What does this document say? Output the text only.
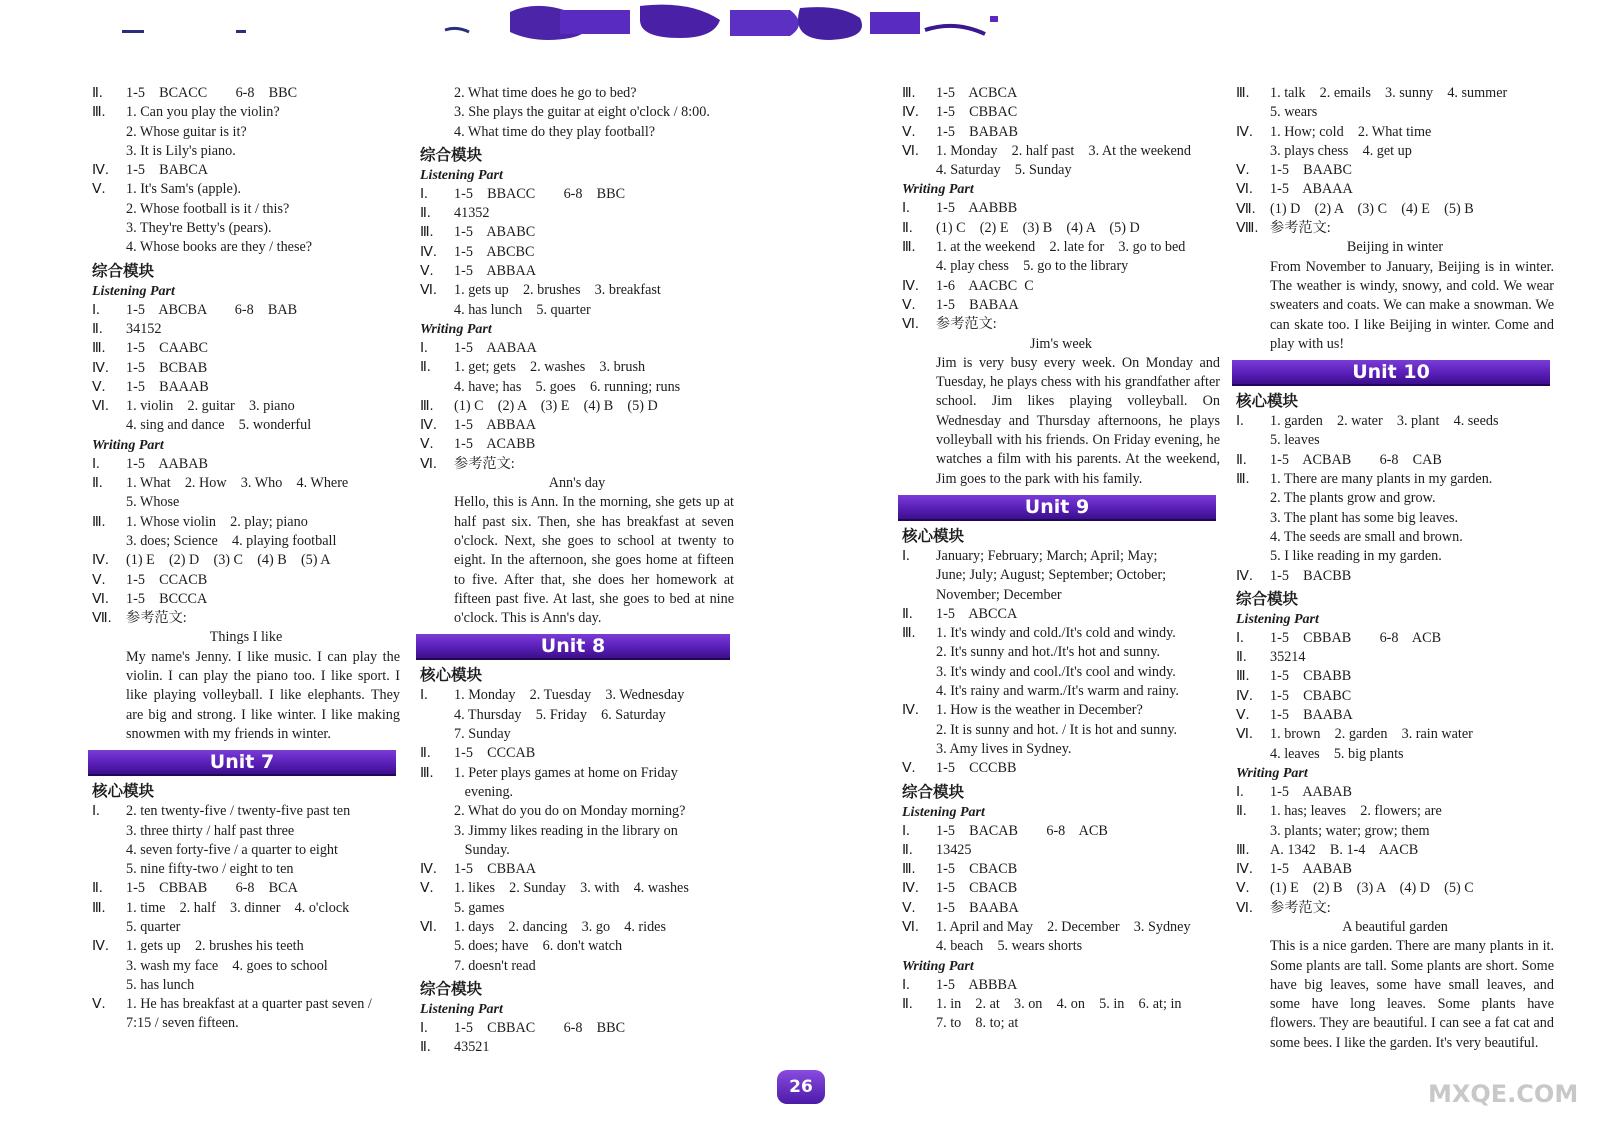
Ⅱ. 1-5    BCACC        6-8    BBC
Ⅲ. 1. Can you play the violin?
2. Whose guitar is it?
3. It is Lily's piano.
Ⅳ. 1-5    BABCA
Ⅴ. 1. It's Sam's (apple).
2. Whose football is it / this?
3. They're Betty's (pears).
4. Whose books are they / these?
综合模块
Listening Part
Ⅰ. 1-5    ABCBA        6-8    BAB
Ⅱ. 34152
Ⅲ. 1-5    CAABC
Ⅳ. 1-5    BCBAB
Ⅴ. 1-5    BAAAB
Ⅵ. 1. violin    2. guitar    3. piano
4. sing and dance    5. wonderful
Writing Part
Ⅰ. 1-5    AABAB
Ⅱ. 1. What    2. How    3. Who    4. Where
5. Whose
Ⅲ. 1. Whose violin    2. play; piano
3. does; Science    4. playing football
Ⅳ. (1) E    (2) D    (3) C    (4) B    (5) A
Ⅴ. 1-5    CCACB
Ⅵ. 1-5    BCCCA
Ⅶ. 参考范文:
Things I like

My name's Jenny. I like music. I can play the violin. I can play the piano too. I like sport. I like playing volleyball. I like elephants. They are big and strong. I like winter. I like making snowmen with my friends in winter.

Unit 7
核心模块
Ⅰ. 2. ten twenty-five / twenty-five past ten
3. three thirty / half past three
4. seven forty-five / a quarter to eight
5. nine fifty-two / eight to ten
Ⅱ. 1-5    CBBAB        6-8    BCA
Ⅲ. 1. time    2. half    3. dinner    4. o'clock
5. quarter
Ⅳ. 1. gets up    2. brushes his teeth
3. wash my face    4. goes to school
5. has lunch
Ⅴ. 1. He has breakfast at a quarter past seven /
7:15 / seven fifteen.
2. What time does he go to bed?
3. She plays the guitar at eight o'clock / 8:00.
4. What time do they play football?
综合模块
Listening Part
Ⅰ. 1-5    BBACC        6-8    BBC
Ⅱ. 41352
Ⅲ. 1-5    ABABC
Ⅳ. 1-5    ABCBC
Ⅴ. 1-5    ABBAA
Ⅵ. 1. gets up    2. brushes    3. breakfast
4. has lunch    5. quarter
Writing Part
Ⅰ. 1-5    AABAA
Ⅱ. 1. get; gets    2. washes    3. brush
4. have; has    5. goes    6. running; runs
Ⅲ. (1) C    (2) A    (3) E    (4) B    (5) D
Ⅳ. 1-5    ABBAA
Ⅴ. 1-5    ACABB
Ⅵ. 参考范文:
Ann's day

Hello, this is Ann. In the morning, she gets up at half past six. Then, she has breakfast at seven o'clock. Next, she goes to school at twenty to eight. In the afternoon, she goes home at fifteen to five. After that, she does her homework at fifteen past five. At last, she goes to bed at nine o'clock. This is Ann's day.

Unit 8
核心模块
Ⅰ. 1. Monday    2. Tuesday    3. Wednesday
4. Thursday    5. Friday    6. Saturday
7. Sunday
Ⅱ. 1-5    CCCAB
Ⅲ. 1. Peter plays games at home on Friday
evening.
2. What do you do on Monday morning?
3. Jimmy likes reading in the library on
Sunday.
Ⅳ. 1-5    CBBAA
Ⅴ. 1. likes    2. Sunday    3. with    4. washes
5. games
Ⅵ. 1. days    2. dancing    3. go    4. rides
5. does; have    6. don't watch
7. doesn't read
综合模块
Listening Part
Ⅰ. 1-5    CBBAC        6-8    BBC
Ⅱ. 43521
Ⅲ. 1-5    ACBCA
Ⅳ. 1-5    CBBAC
Ⅴ. 1-5    BABAB
Ⅵ. 1. Monday    2. half past    3. At the weekend
4. Saturday    5. Sunday
Writing Part
Ⅰ. 1-5    AABBB
Ⅱ. (1) C    (2) E    (3) B    (4) A    (5) D
Ⅲ. 1. at the weekend    2. late for    3. go to bed
4. play chess    5. go to the library
Ⅳ. 1-6    AACBC  C
Ⅴ. 1-5    BABAA
Ⅵ. 参考范文:
Jim's week

Jim is very busy every week. On Monday and Tuesday, he plays chess with his grandfather after school. Jim likes playing volleyball. On Wednesday and Thursday afternoons, he plays volleyball with his friends. On Friday evening, he watches a film with his parents. At the weekend, Jim goes to the park with his family.

Unit 9
核心模块
Ⅰ. January; February; March; April; May;
June; July; August; September; October;
November; December
Ⅱ. 1-5    ABCCA
Ⅲ. 1. It's windy and cold./It's cold and windy.
2. It's sunny and hot./It's hot and sunny.
3. It's windy and cool./It's cool and windy.
4. It's rainy and warm./It's warm and rainy.
Ⅳ. 1. How is the weather in December?
2. It is sunny and hot. / It is hot and sunny.
3. Amy lives in Sydney.
Ⅴ. 1-5    CCCBB
综合模块
Listening Part
Ⅰ. 1-5    BACAB        6-8    ACB
Ⅱ. 13425
Ⅲ. 1-5    CBACB
Ⅳ. 1-5    CBACB
Ⅴ. 1-5    BAABA
Ⅵ. 1. April and May    2. December    3. Sydney
4. beach    5. wears shorts
Writing Part
Ⅰ. 1-5    ABBBA
Ⅱ. 1. in    2. at    3. on    4. on    5. in    6. at; in
7. to    8. to; at
Ⅲ. 1. talk    2. emails    3. sunny    4. summer
5. wears
Ⅳ. 1. How; cold    2. What time
3. plays chess    4. get up
Ⅴ. 1-5    BAABC
Ⅵ. 1-5    ABAAA
Ⅶ. (1) D    (2) A    (3) C    (4) E    (5) B
Ⅷ. 参考范文:
Beijing in winter

From November to January, Beijing is in winter. The weather is windy, snowy, and cold. We wear sweaters and coats. We can make a snowman. We can skate too. I like Beijing in winter. Come and play with us!

Unit 10
核心模块
Ⅰ. 1. garden    2. water    3. plant    4. seeds
5. leaves
Ⅱ. 1-5    ACBAB        6-8    CAB
Ⅲ. 1. There are many plants in my garden.
2. The plants grow and grow.
3. The plant has some big leaves.
4. The seeds are small and brown.
5. I like reading in my garden.
Ⅳ. 1-5    BACBB
综合模块
Listening Part
Ⅰ. 1-5    CBBAB        6-8    ACB
Ⅱ. 35214
Ⅲ. 1-5    CBABB
Ⅳ. 1-5    CBABC
Ⅴ. 1-5    BAABA
Ⅵ. 1. brown    2. garden    3. rain water
4. leaves    5. big plants
Writing Part
Ⅰ. 1-5    AABAB
Ⅱ. 1. has; leaves    2. flowers; are
3. plants; water; grow; them
Ⅲ. A. 1342    B. 1-4    AACB
Ⅳ. 1-5    AABAB
Ⅴ. (1) E    (2) B    (3) A    (4) D    (5) C
Ⅵ. 参考范文:
A beautiful garden

This is a nice garden. There are many plants in it. Some plants are tall. Some plants are short. Some have big leaves, some have small leaves, and some have long leaves. Some plants have flowers. They are beautiful. I can see a fat cat and some bees. I like the garden. It's very beautiful.

26	MXQE.COM
